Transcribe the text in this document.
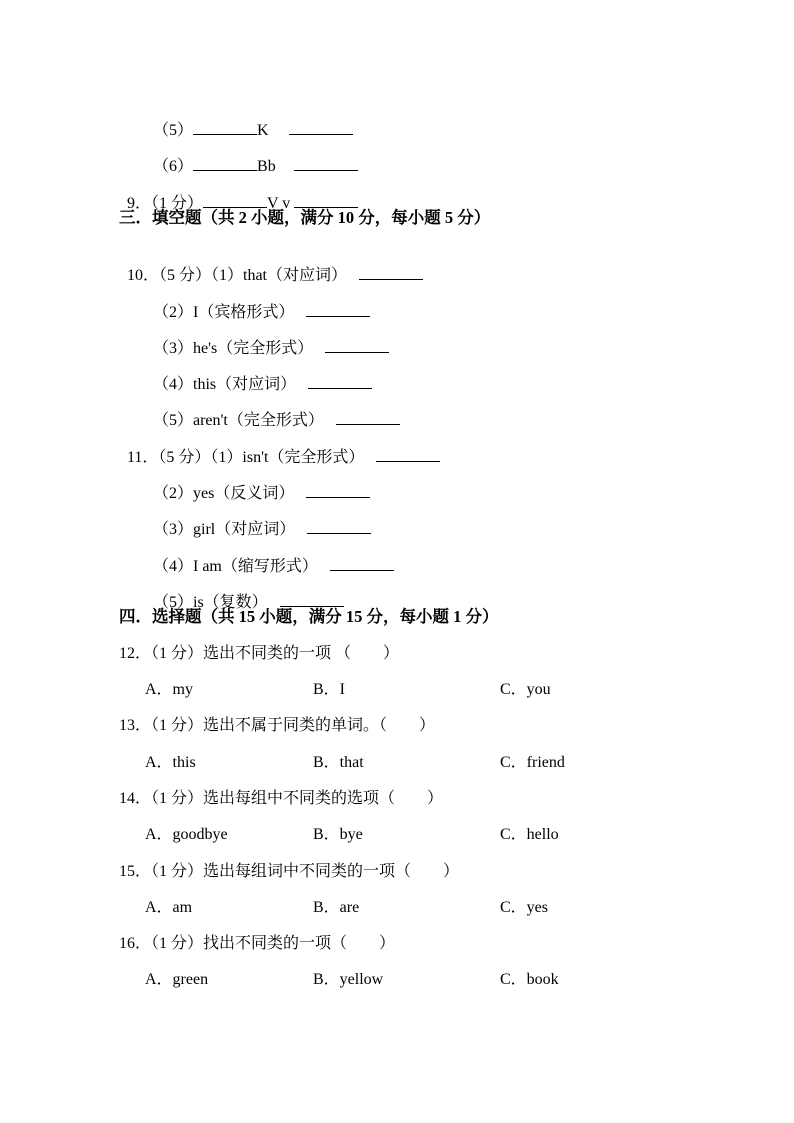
（5）	K

（6）	Bb

9．（1 分）	V v

三．填空题（共 2 小题，满分 10 分，每小题 5 分）

10．（5 分）（1）that（对应词）

（2）I（宾格形式）

（3）he's（完全形式）

（4）this（对应词）

（5）aren't（完全形式）

11．（5 分）（1）isn't（完全形式）

（2）yes（反义词）

（3）girl（对应词）

（4）I am（缩写形式）

（5）is（复数）

四．选择题（共 15 小题，满分 15 分，每小题 1 分）
12．（1 分）选出不同类的一项 （　　）
A．my	B．I	C．you
13．（1 分）选出不属于同类的单词。（　　）
A．this	B．that	C．friend
14．（1 分）选出每组中不同类的选项（　　）
A．goodbye	B．bye	C．hello
15．（1 分）选出每组词中不同类的一项（　　）
A．am	B．are	C．yes
16．（1 分）找出不同类的一项（　　）
A．green	B．yellow	C．book
